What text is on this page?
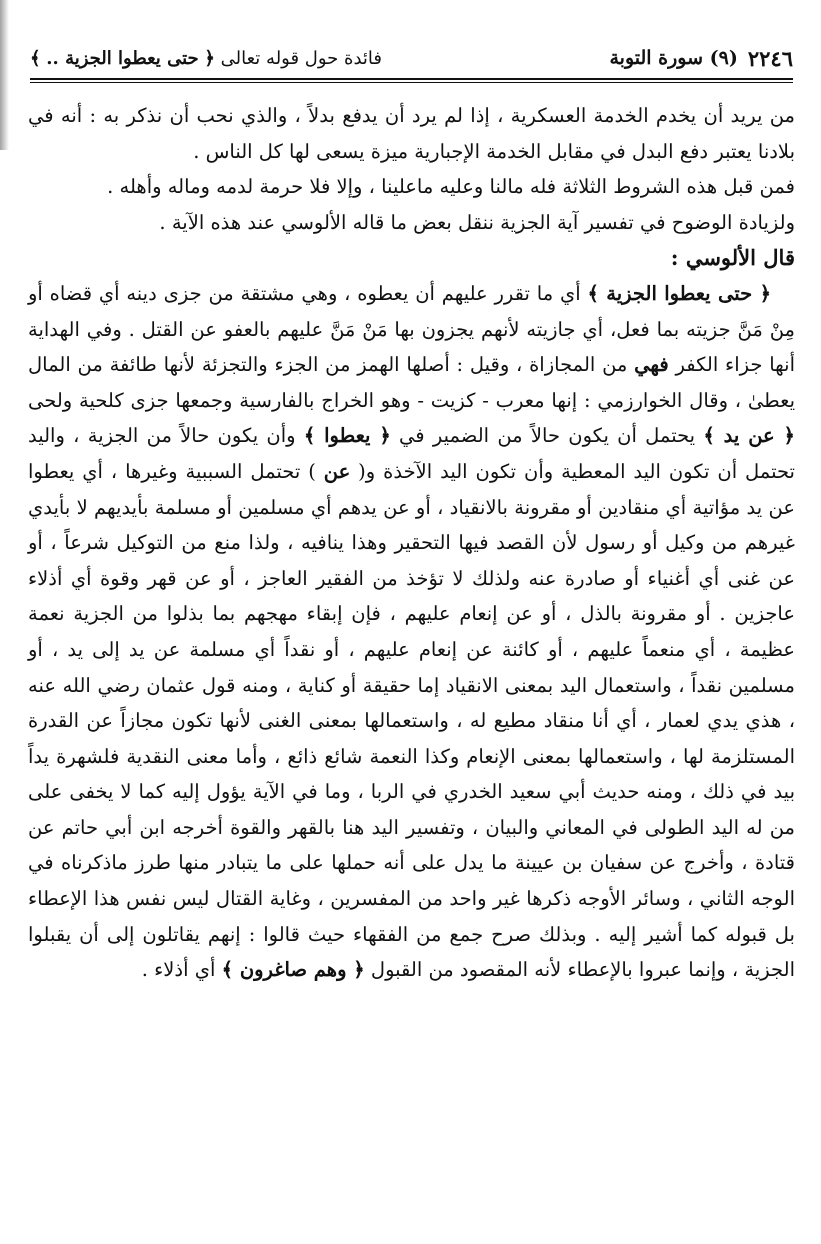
٢٢٤٦
(٩) سورة التوبة
فائدة حول قوله تعالى ﴿ حتى يعطوا الجزية .. ﴾

من يريد أن يخدم الخدمة العسكرية ، إذا لم يرد أن يدفع بدلاً ، والذي نحب أن نذكر به : أنه في بلادنا يعتبر دفع البدل في مقابل الخدمة الإجبارية ميزة يسعى لها كل الناس .

فمن قبل هذه الشروط الثلاثة فله مالنا وعليه ماعلينا ، وإلا فلا حرمة لدمه وماله وأهله .

ولزيادة الوضوح في تفسير آية الجزية ننقل بعض ما قاله الألوسي عند هذه الآية .

قال الألوسي :

﴿ حتى يعطوا الجزية ﴾ أي ما تقرر عليهم أن يعطوه ، وهي مشتقة من جزى دينه أي قضاه أو مِنْ مَنَّ جزيته بما فعل، أي جازيته لأنهم يجزون بها مَنْ مَنَّ عليهم بالعفو عن القتل . وفي الهداية أنها جزاء الكفر فهي من المجازاة ، وقيل : أصلها الهمز من الجزء والتجزئة لأنها طائفة من المال يعطىٰ ، وقال الخوارزمي : إنها معرب - كزيت - وهو الخراج بالفارسية وجمعها جزى كلحية ولحى ﴿ عن يد ﴾ يحتمل أن يكون حالاً من الضمير في ﴿ يعطوا ﴾ وأن يكون حالاً من الجزية ، واليد تحتمل أن تكون اليد المعطية وأن تكون اليد الآخذة و( عن ) تحتمل السببية وغيرها ، أي يعطوا عن يد مؤاتية أي منقادين أو مقرونة بالانقياد ، أو عن يدهم أي مسلمين أو مسلمة بأيديهم لا بأيدي غيرهم من وكيل أو رسول لأن القصد فيها التحقير وهذا ينافيه ، ولذا منع من التوكيل شرعاً ، أو عن غنى أي أغنياء أو صادرة عنه ولذلك لا تؤخذ من الفقير العاجز ، أو عن قهر وقوة أي أذلاء عاجزين . أو مقرونة بالذل ، أو عن إنعام عليهم ، فإن إبقاء مهجهم بما بذلوا من الجزية نعمة عظيمة ، أي منعماً عليهم ، أو كائنة عن إنعام عليهم ، أو نقداً أي مسلمة عن يد إلى يد ، أو مسلمين نقداً ، واستعمال اليد بمعنى الانقياد إما حقيقة أو كناية ، ومنه قول عثمان رضي الله عنه ، هذي يدي لعمار ، أي أنا منقاد مطيع له ، واستعمالها بمعنى الغنى لأنها تكون مجازاً عن القدرة المستلزمة لها ، واستعمالها بمعنى الإنعام وكذا النعمة شائع ذائع ، وأما معنى النقدية فلشهرة يداً بيد في ذلك ، ومنه حديث أبي سعيد الخدري في الربا ، وما في الآية يؤول إليه كما لا يخفى على من له اليد الطولى في المعاني والبيان ، وتفسير اليد هنا بالقهر والقوة أخرجه ابن أبي حاتم عن قتادة ، وأخرج عن سفيان بن عيينة ما يدل على أنه حملها على ما يتبادر منها طرز ماذكرناه في الوجه الثاني ، وسائر الأوجه ذكرها غير واحد من المفسرين ، وغاية القتال ليس نفس هذا الإعطاء بل قبوله كما أشير إليه . وبذلك صرح جمع من الفقهاء حيث قالوا : إنهم يقاتلون إلى أن يقبلوا الجزية ، وإنما عبروا بالإعطاء لأنه المقصود من القبول ﴿ وهم صاغرون ﴾ أي أذلاء .
